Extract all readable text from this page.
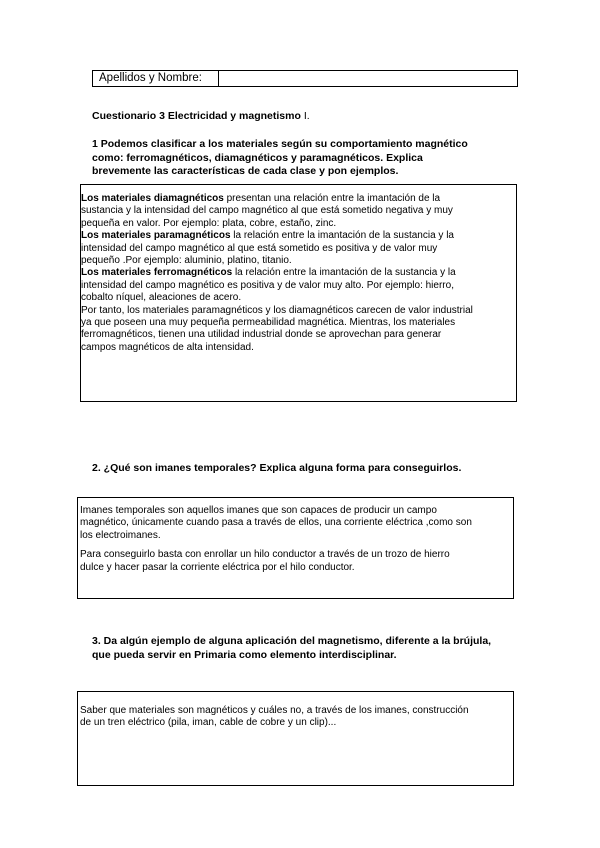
Apellidos y Nombre:
Cuestionario 3 Electricidad y magnetismo I.
1 Podemos clasificar a los materiales según su comportamiento magnético
como: ferromagnéticos, diamagnéticos y paramagnéticos. Explica
brevemente las características de cada clase y pon ejemplos.
Los materiales diamagnéticos presentan una relación entre la imantación de la
sustancia y la intensidad del campo magnético al que está sometido negativa y muy
pequeña en valor. Por ejemplo: plata, cobre, estaño, zinc.
Los materiales paramagnéticos la relación entre la imantación de la sustancia y la
intensidad del campo magnético al que está sometido es positiva y de valor muy
pequeño .Por ejemplo: aluminio, platino, titanio.
Los materiales ferromagnéticos la relación entre la imantación de la sustancia y la
intensidad del campo magnético es positiva y de valor muy alto. Por ejemplo: hierro,
cobalto níquel, aleaciones de acero.
Por tanto, los materiales paramagnéticos y los diamagnéticos carecen de valor industrial
ya que poseen una muy pequeña permeabilidad magnética. Mientras, los materiales
ferromagnéticos, tienen una utilidad industrial donde se aprovechan para generar
campos magnéticos de alta intensidad.
2. ¿Qué son imanes temporales? Explica alguna forma para conseguirlos.
Imanes temporales son aquellos imanes que son capaces de producir un campo
magnético, únicamente cuando pasa a través de ellos, una corriente eléctrica ,como son
los electroimanes.
Para conseguirlo basta con enrollar un hilo conductor a través de un trozo de hierro
dulce y hacer pasar la corriente eléctrica por el hilo conductor.
3. Da algún ejemplo de alguna aplicación del magnetismo, diferente a la brújula,
que pueda servir en Primaria como elemento interdisciplinar.
Saber que materiales son magnéticos y cuáles no, a través de los imanes, construcción
de un tren eléctrico (pila, iman, cable de cobre y un clip)...
